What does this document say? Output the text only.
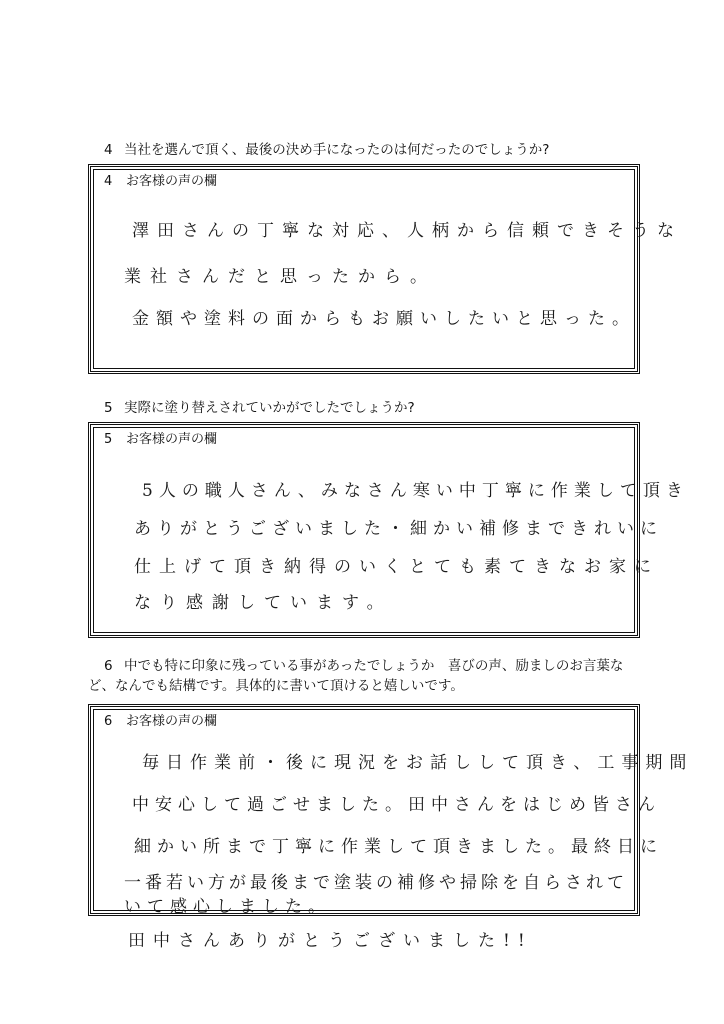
4 当社を選んで頂く、最後の決め手になったのは何だったのでしょうか?
4 お客様の声の欄
澤田さんの丁寧な対応、人柄から信頼できそうな
業社さんだと思ったから。
金額や塗料の面からもお願いしたいと思った。
5 実際に塗り替えされていかがでしたでしょうか?
5 お客様の声の欄
5人の職人さん、みなさん寒い中丁寧に作業して頂き
ありがとうございました・細かい補修まできれいに
仕上げて頂き納得のいくとても素てきなお家に
なり感謝しています。
6 中でも特に印象に残っている事があったでしょうか　喜びの声、励ましのお言葉な
ど、なんでも結構です。具体的に書いて頂けると嬉しいです。
6 お客様の声の欄
毎日作業前・後に現況をお話しして頂き、工事期間
中安心して過ごせました。田中さんをはじめ皆さん
細かい所まで丁寧に作業して頂きました。最終日に
一番若い方が最後まで塗装の補修や掃除を自らされて
いて感心しました。
田中さんありがとうございました!!
